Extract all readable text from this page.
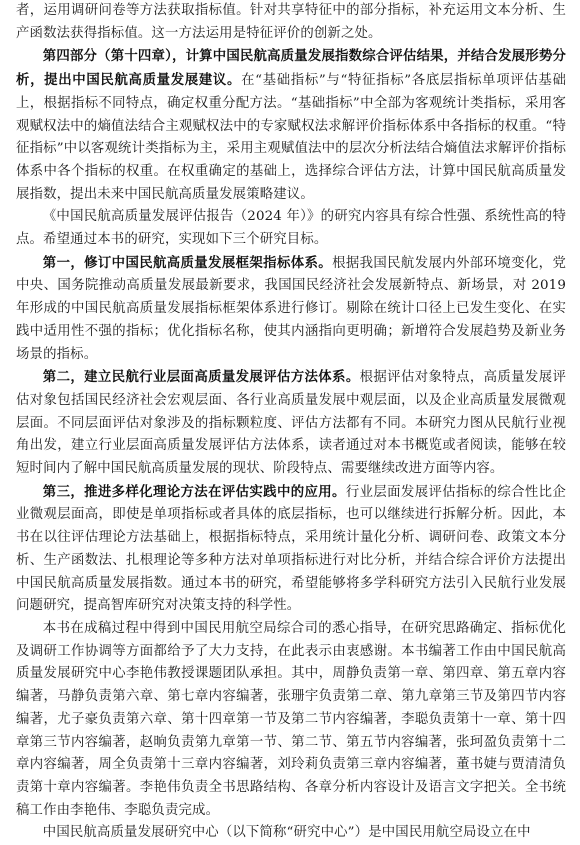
者，运用调研问卷等方法获取指标值。针对共享特征中的部分指标，补充运用文本分析、生产函数法获得指标值。这一方法运用是特征评价的创新之处。

第四部分（第十四章），计算中国民航高质量发展指数综合评估结果，并结合发展形势分析，提出中国民航高质量发展建议。在“基础指标”与“特征指标”各底层指标单项评估基础上，根据指标不同特点，确定权重分配方法。“基础指标”中全部为客观统计类指标，采用客观赋权法中的熵值法结合主观赋权法中的专家赋权法求解评价指标体系中各指标的权重。“特征指标”中以客观统计类指标为主，采用主观赋值法中的层次分析法结合熵值法求解评价指标体系中各个指标的权重。在权重确定的基础上，选择综合评估方法，计算中国民航高质量发展指数，提出未来中国民航高质量发展策略建议。

《中国民航高质量发展评估报告（2024 年）》的研究内容具有综合性强、系统性高的特点。希望通过本书的研究，实现如下三个研究目标。

第一，修订中国民航高质量发展框架指标体系。根据我国民航发展内外部环境变化，党中央、国务院推动高质量发展最新要求，我国国民经济社会发展新特点、新场景，对 2019 年形成的中国民航高质量发展指标框架体系进行修订。剔除在统计口径上已发生变化、在实践中适用性不强的指标；优化指标名称，使其内涵指向更明确；新增符合发展趋势及新业务场景的指标。

第二，建立民航行业层面高质量发展评估方法体系。根据评估对象特点，高质量发展评估对象包括国民经济社会宏观层面、各行业高质量发展中观层面，以及企业高质量发展微观层面。不同层面评估对象涉及的指标颗粒度、评估方法都有不同。本研究力图从民航行业视角出发，建立行业层面高质量发展评估方法体系，读者通过对本书概览或者阅读，能够在较短时间内了解中国民航高质量发展的现状、阶段特点、需要继续改进方面等内容。

第三，推进多样化理论方法在评估实践中的应用。行业层面发展评估指标的综合性比企业微观层面高，即使是单项指标或者具体的底层指标，也可以继续进行拆解分析。因此，本书在以往评估理论方法基础上，根据指标特点，采用统计量化分析、调研问卷、政策文本分析、生产函数法、扎根理论等多种方法对单项指标进行对比分析，并结合综合评价方法提出中国民航高质量发展指数。通过本书的研究，希望能够将多学科研究方法引入民航行业发展问题研究，提高智库研究对决策支持的科学性。

本书在成稿过程中得到中国民用航空局综合司的悉心指导，在研究思路确定、指标优化及调研工作协调等方面都给予了大力支持，在此表示由衷感谢。本书编著工作由中国民航高质量发展研究中心李艳伟教授课题团队承担。其中，周静负责第一章、第四章、第五章内容编著，马静负责第六章、第七章内容编著，张珊宇负责第二章、第九章第三节及第四节内容编著，尤子豪负责第六章、第十四章第一节及第二节内容编著，李聪负责第十一章、第十四章第三节内容编著，赵晌负责第九章第一节、第二节、第五节内容编著，张珂盈负责第十二章内容编著，周全负责第十三章内容编著，刘玲莉负责第三章内容编著，董书婕与贾清清负责第十章内容编著。李艳伟负责全书思路结构、各章分析内容设计及语言文字把关。全书统稿工作由李艳伟、李聪负责完成。

中国民航高质量发展研究中心（以下简称“研究中心”）是中国民用航空局设立在中
